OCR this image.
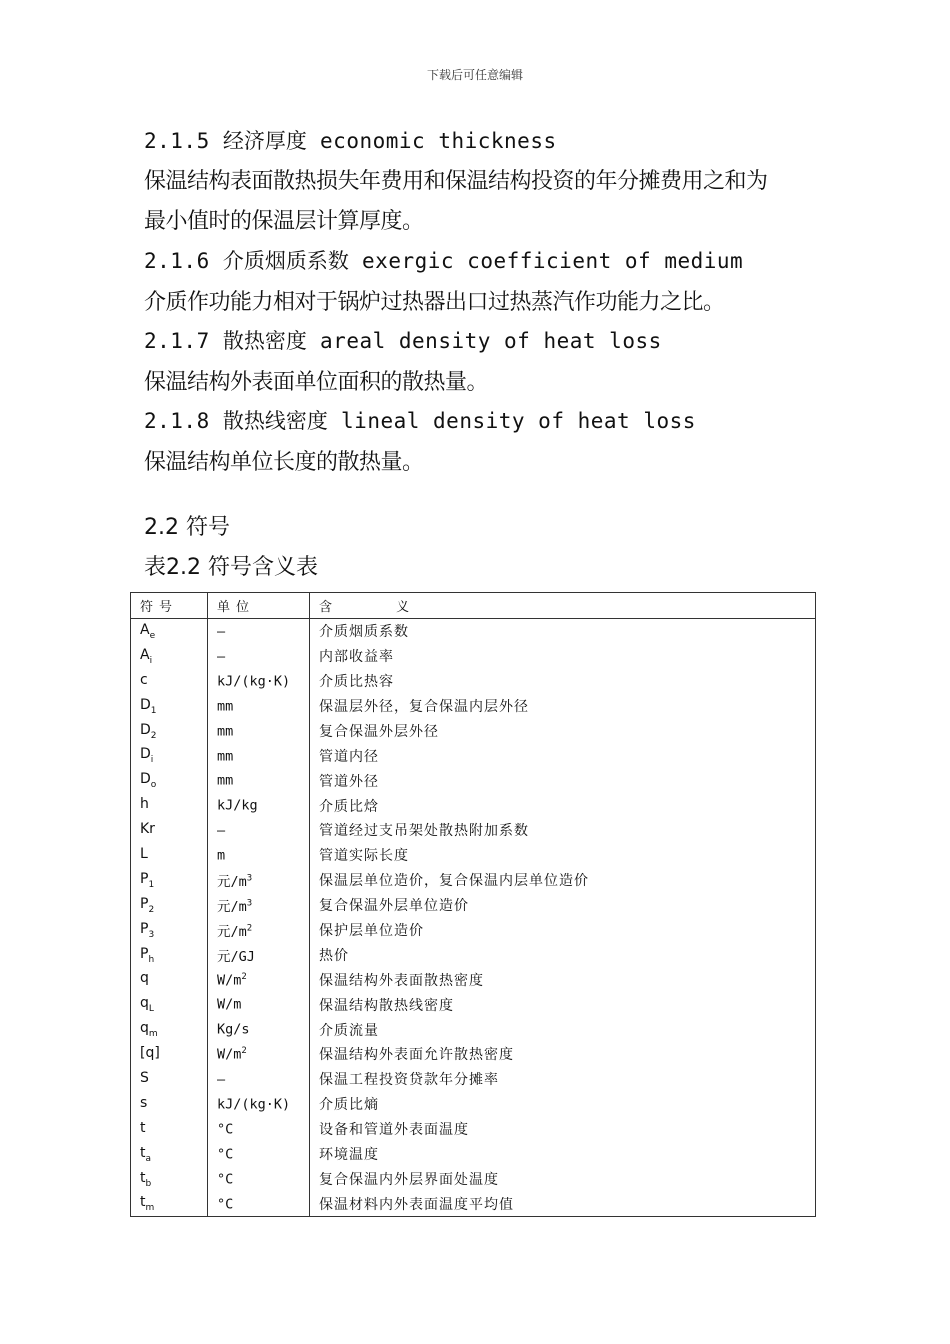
下载后可任意编辑
2.1.5 经济厚度 economic thickness
保温结构表面散热损失年费用和保温结构投资的年分摊费用之和为
最小值时的保温层计算厚度。
2.1.6 介质烟质系数 exergic coefficient of medium
介质作功能力相对于锅炉过热器出口过热蒸汽作功能力之比。
2.1.7 散热密度 areal density of heat loss
保温结构外表面单位面积的散热量。
2.1.8 散热线密度 lineal density of heat loss
保温结构单位长度的散热量。
2.2 符号
表2.2 符号含义表
符号	单位	含 义
$A_e$	—	介质烟质系数
$A_i$	—	内部收益率
c	kJ/(kg·K)	介质比热容
$D_1$	mm	保温层外径，复合保温内层外径
$D_2$	mm	复合保温外层外径
$D_i$	mm	管道内径
$D_o$	mm	管道外径
h	kJ/kg	介质比焓
Kr	—	管道经过支吊架处散热附加系数
L	m	管道实际长度
$P_1$	元$/m^3$	保温层单位造价，复合保温内层单位造价
$P_2$	元$/m^3$	复合保温外层单位造价
$P_3$	元$/m^2$	保护层单位造价
$P_h$	元/GJ	热价
q	$W/m^2$	保温结构外表面散热密度
$q_L$	W/m	保温结构散热线密度
$q_m$	Kg/s	介质流量
[q]	$W/m^2$	保温结构外表面允许散热密度
S	—	保温工程投资贷款年分摊率
s	kJ/(kg·K)	介质比熵
t	°C	设备和管道外表面温度
$t_a$	°C	环境温度
$t_b$	°C	复合保温内外层界面处温度
$t_m$	°C	保温材料内外表面温度平均值
